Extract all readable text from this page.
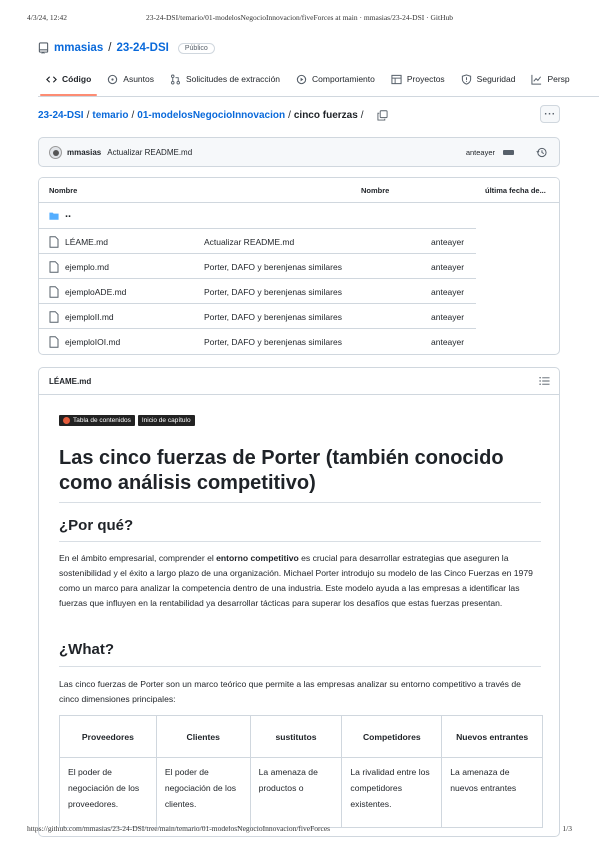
4/3/24, 12:42	23-24-DSI/temario/01-modelosNegocioInnovacion/fiveForces at main · mmasias/23-24-DSI · GitHub
mmasias / 23-24-DSI	Público
Código	Asuntos	Solicitudes de extracción	Comportamiento	Proyectos	Seguridad	Persp
23-24-DSI / temario / 01-modelosNegocioInnovacion / cinco fuerzas /	···
mmasias Actualizar README.md	anteayer
Nombre	Nombre	última fecha de...
..
LÉAME.md	Actualizar README.md	anteayer
ejemplo.md	Porter, DAFO y berenjenas similares	anteayer
ejemploADE.md	Porter, DAFO y berenjenas similares	anteayer
ejemploII.md	Porter, DAFO y berenjenas similares	anteayer
ejemploIOI.md	Porter, DAFO y berenjenas similares	anteayer
LÉAME.md
Tabla de contenidos Inicio de capítulo
Las cinco fuerzas de Porter (también conocido como análisis competitivo)
¿Por qué?

En el ámbito empresarial, comprender el entorno competitivo es crucial para desarrollar estrategias que aseguren la sostenibilidad y el éxito a largo plazo de una organización. Michael Porter introdujo su modelo de las Cinco Fuerzas en 1979 como un marco para analizar la competencia dentro de una industria. Este modelo ayuda a las empresas a identificar las fuerzas que influyen en la rentabilidad ya desarrollar tácticas para superar los desafíos que estas fuerzas presentan.

¿What?

Las cinco fuerzas de Porter son un marco teórico que permite a las empresas analizar su entorno competitivo a través de cinco dimensiones principales:

Proveedores	Clientes	sustitutos	Competidores	Nuevos entrantes
El poder de negociación de los proveedores.	El poder de negociación de los clientes.	La amenaza de productos o	La rivalidad entre los competidores existentes.	La amenaza de nuevos entrantes
https://github.com/mmasias/23-24-DSI/tree/main/temario/01-modelosNegocioInnovacion/fiveForces	1/3
